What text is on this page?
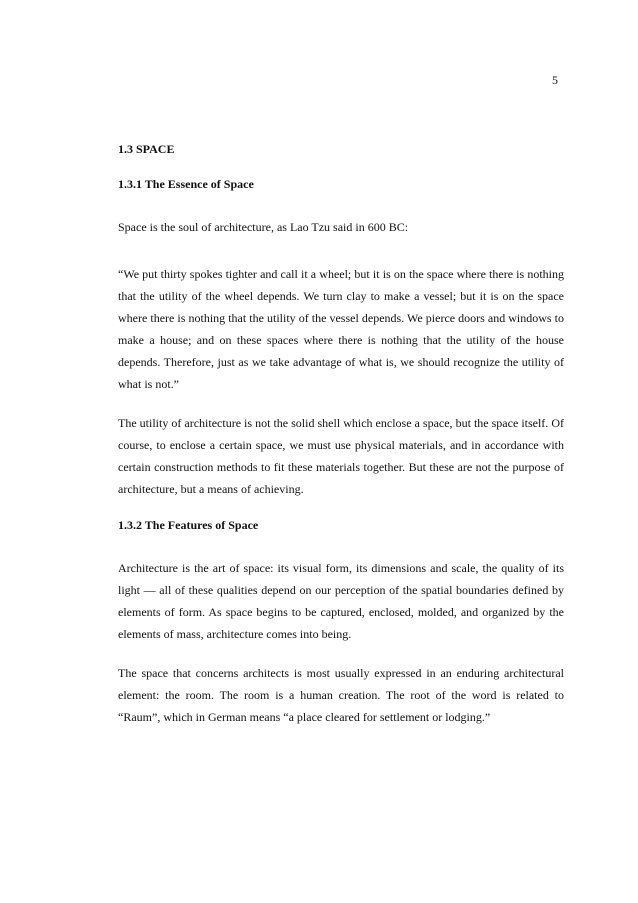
5
1.3 SPACE
1.3.1 The Essence of Space

Space is the soul of architecture, as Lao Tzu said in 600 BC:

“We put thirty spokes tighter and call it a wheel; but it is on the space where there is nothing that the utility of the wheel depends. We turn clay to make a vessel; but it is on the space where there is nothing that the utility of the vessel depends. We pierce doors and windows to make a house; and on these spaces where there is nothing that the utility of the house depends. Therefore, just as we take advantage of what is, we should recognize the utility of what is not.”

The utility of architecture is not the solid shell which enclose a space, but the space itself. Of course, to enclose a certain space, we must use physical materials, and in accordance with certain construction methods to fit these materials together. But these are not the purpose of architecture, but a means of achieving.

1.3.2 The Features of Space

Architecture is the art of space: its visual form, its dimensions and scale, the quality of its light — all of these qualities depend on our perception of the spatial boundaries defined by elements of form. As space begins to be captured, enclosed, molded, and organized by the elements of mass, architecture comes into being.

The space that concerns architects is most usually expressed in an enduring architectural element: the room. The room is a human creation. The root of the word is related to “Raum”, which in German means “a place cleared for settlement or lodging.”
